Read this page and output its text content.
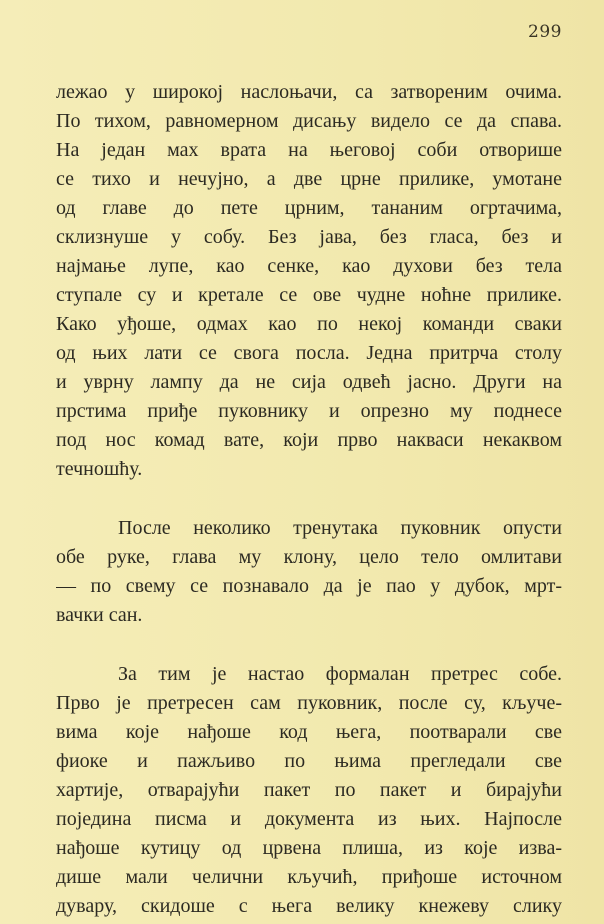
299
лежао у широкој наслоњачи, са затвореним очима.
По тихом, равномерном дисању видело се да спава.
На један мах врата на његовој соби отворише
се тихо и нечујно, а две црне прилике, умотане
од главе до пете црним, тананим огртачима,
склизнуше у собу. Без јава, без гласа, без и
најмање лупе, као сенке, као духови без тела
ступале су и кретале се ове чудне ноћне прилике.
Како уђоше, одмах као по некој команди сваки
од њих лати се свога посла. Једна притрча столу
и уврну лампу да не сија одвећ јасно. Други на
прстима приђе пуковнику и опрезно му поднесе
под нос комад вате, који прво накваси некаквом
течношћу.
После неколико тренутака пуковник опусти
обе руке, глава му клону, цело тело омлитави
— по свему се познавало да је пао у дубок, мрт-
вачки сан.
За тим је настао формалан претрес собе.
Прво је претресен сам пуковник, после су, кључе-
вима које нађоше код њега, поотварали све
фиоке и пажљиво по њима прегледали све
хартије, отварајући пакет по пакет и бирајући
поједина писма и документа из њих. Најпосле
нађоше кутицу од црвена плиша, из које изва-
дише мали челични кључић, приђоше источном
дувару, скидоше с њега велику кнежеву слику
